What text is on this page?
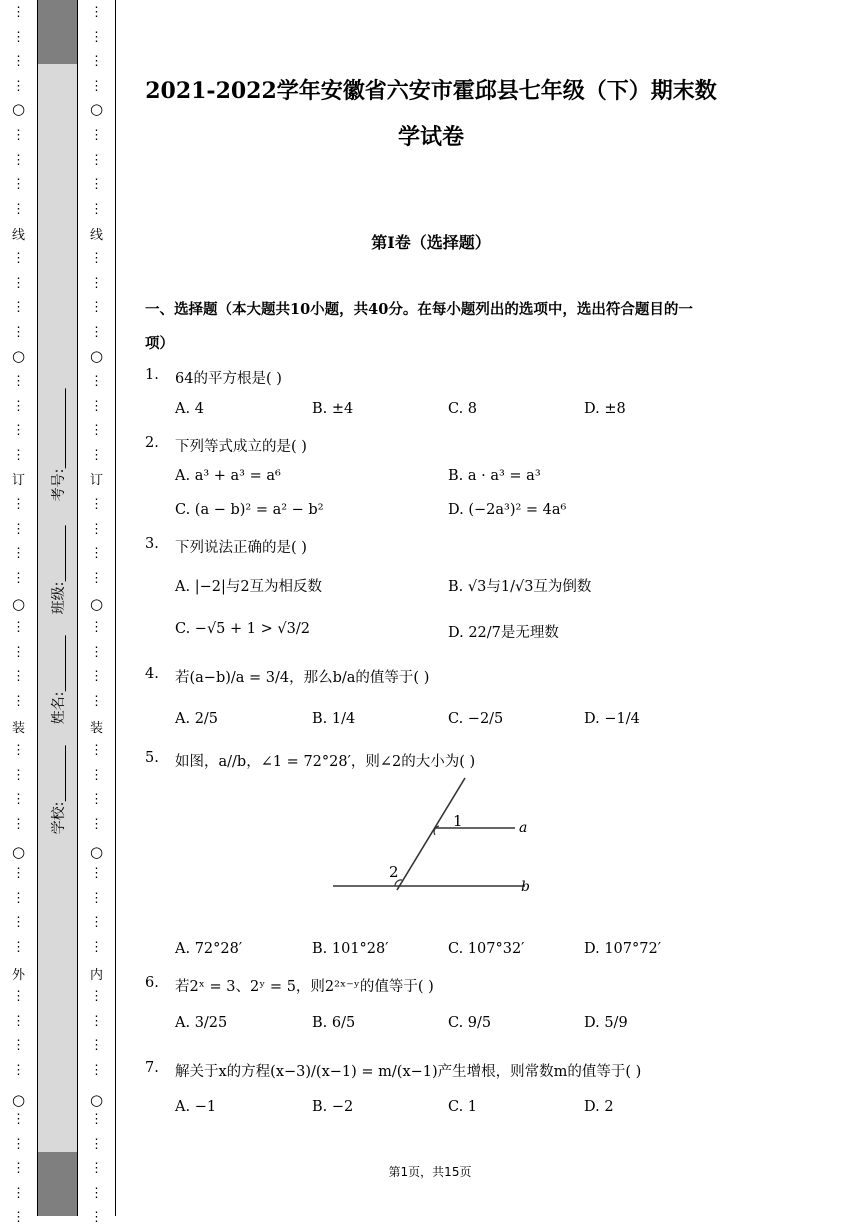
⋮
⋮
⋮
⋮
⋮
⋮
⋮
⋮
⋮
⋮
⋮
⋮
⋮
⋮
⋮
⋮
⋮
⋮
⋮
⋮
⋮
⋮
⋮
⋮
⋮
⋮
⋮
⋮
⋮
⋮
⋮
⋮
⋮
⋮
⋮
⋮
⋮
⋮
⋮
⋮
⋮
○
○
○
○
○
线
订
装
外
学校:
姓名:
班级:
考号:
⋮
⋮
⋮
⋮
⋮
⋮
⋮
⋮
⋮
⋮
⋮
⋮
⋮
⋮
⋮
⋮
⋮
⋮
⋮
⋮
⋮
⋮
⋮
⋮
⋮
⋮
⋮
⋮
⋮
⋮
⋮
⋮
⋮
⋮
⋮
⋮
⋮
⋮
⋮
⋮
⋮
○
○
○
○
○
线
订
装
内
2021-2022学年安徽省六安市霍邱县七年级（下）期末数
学试卷
第I卷（选择题）
一、选择题（本大题共10小题，共40分。在每小题列出的选项中，选出符合题目的一
项）
1. 64的平方根是( )
A. 4	B. ±4	C. 8	D. ±8
2. 下列等式成立的是( )
A. a³ + a³ = a⁶	B. a · a³ = a³
C. (a − b)² = a² − b²	D. (−2a³)² = 4a⁶
3. 下列说法正确的是( )
A. |−2|与2互为相反数	B. √3与1/√3互为倒数
C. −√5 + 1 > √3/2	D. 22/7是无理数
4. 若(a−b)/a = 3/4，那么b/a的值等于( )
A. 2/5	B. 1/4	C. −2/5	D. −1/4
5. 如图，a//b，∠1 = 72°28′，则∠2的大小为( )
1
2
a
b
A. 72°28′	B. 101°28′	C. 107°32′	D. 107°72′
6. 若2ˣ = 3、2ʸ = 5，则2²ˣ⁻ʸ的值等于( )
A. 3/25	B. 6/5	C. 9/5	D. 5/9
7. 解关于x的方程(x−3)/(x−1) = m/(x−1)产生增根，则常数m的值等于( )
A. −1	B. −2	C. 1	D. 2
第1页，共15页
